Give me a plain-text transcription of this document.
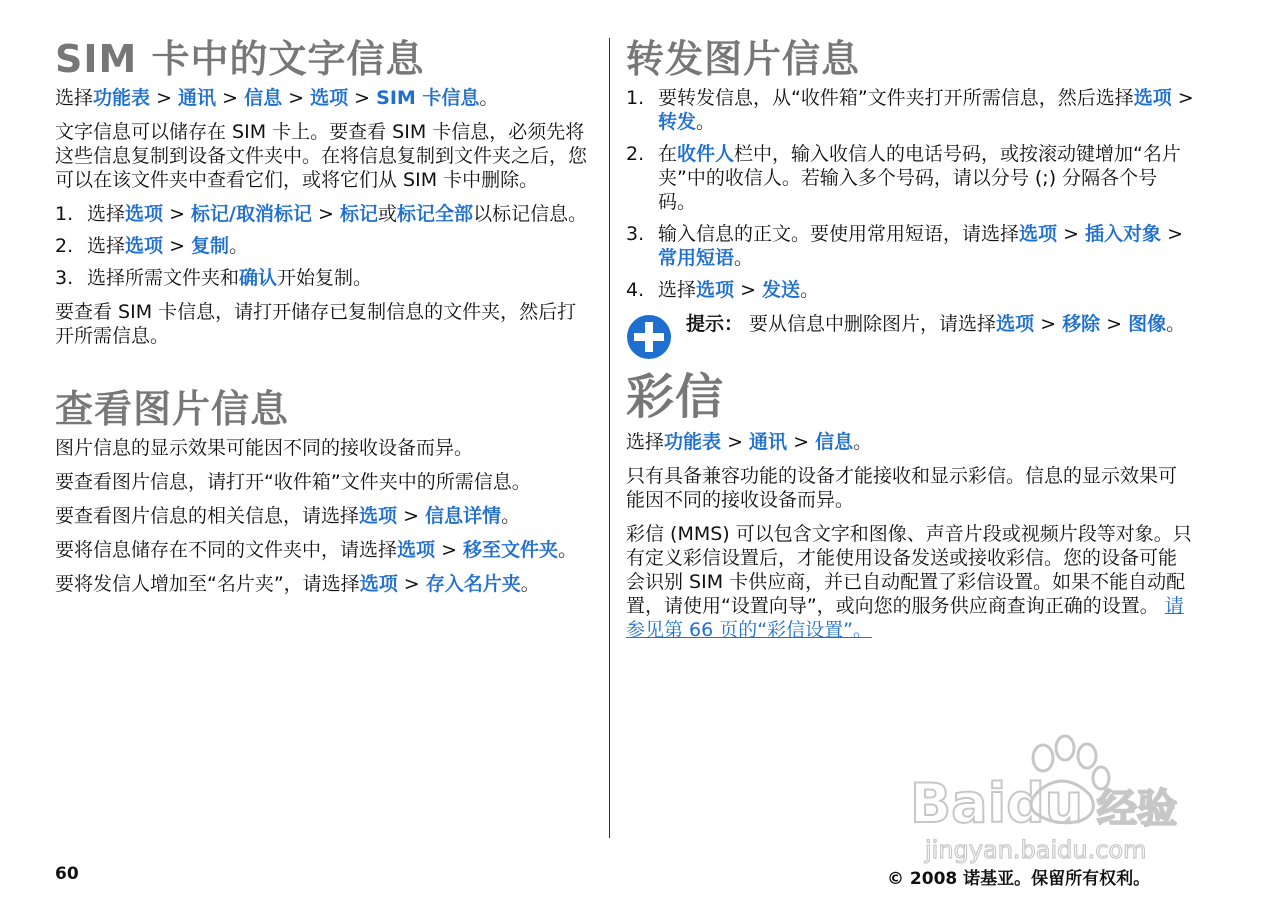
SIM 卡中的文字信息

选择功能表 > 通讯 > 信息 > 选项 > SIM 卡信息。

文字信息可以储存在 SIM 卡上。要查看 SIM 卡信息，必须先将这些信息复制到设备文件夹中。在将信息复制到文件夹之后，您可以在该文件夹中查看它们，或将它们从 SIM 卡中删除。

1. 选择选项 > 标记/取消标记 > 标记或标记全部以标记信息。
2. 选择选项 > 复制。
3. 选择所需文件夹和确认开始复制。

要查看 SIM 卡信息，请打开储存已复制信息的文件夹，然后打开所需信息。

查看图片信息

图片信息的显示效果可能因不同的接收设备而异。

要查看图片信息，请打开“收件箱”文件夹中的所需信息。

要查看图片信息的相关信息，请选择选项 > 信息详情。

要将信息储存在不同的文件夹中，请选择选项 > 移至文件夹。

要将发信人增加至“名片夹”，请选择选项 > 存入名片夹。

转发图片信息
1. 要转发信息，从“收件箱”文件夹打开所需信息，然后选择选项 > 转发。
2. 在收件人栏中，输入收信人的电话号码，或按滚动键增加“名片夹”中的收信人。若输入多个号码，请以分号 (;) 分隔各个号码。
3. 输入信息的正文。要使用常用短语，请选择选项 > 插入对象 > 常用短语。
4. 选择选项 > 发送。

提示： 要从信息中删除图片，请选择选项 > 移除 > 图像。

彩信

选择功能表 > 通讯 > 信息。

只有具备兼容功能的设备才能接收和显示彩信。信息的显示效果可能因不同的接收设备而异。

彩信 (MMS) 可以包含文字和图像、声音片段或视频片段等对象。只有定义彩信设置后，才能使用设备发送或接收彩信。您的设备可能会识别 SIM 卡供应商，并已自动配置了彩信设置。如果不能自动配置，请使用“设置向导”，或向您的服务供应商查询正确的设置。 请参见第 66 页的“彩信设置”。

Baidu 经验
jingyan.baidu.com
60	© 2008 诺基亚。保留所有权利。
